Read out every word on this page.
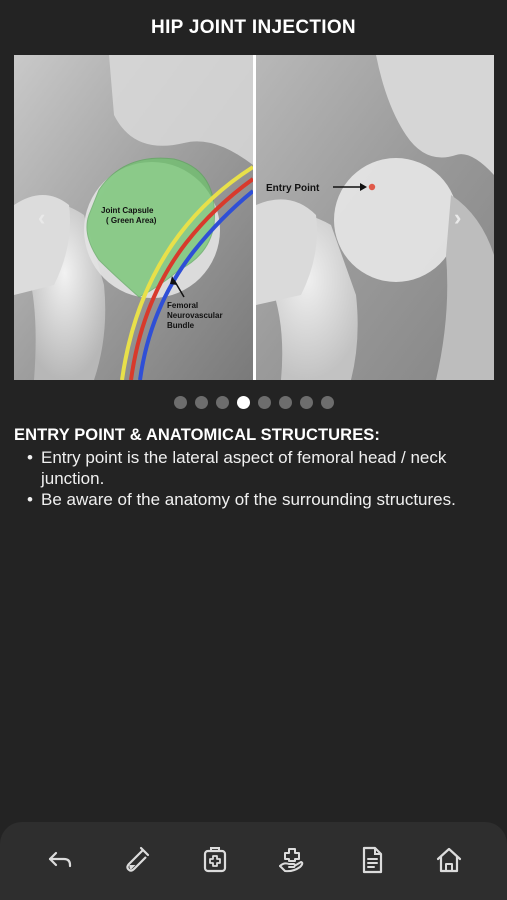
HIP JOINT INJECTION
Joint Capsule
( Green Area)
Femoral
Neurovascular
Bundle
Entry Point
‹	›
ENTRY POINT & ANATOMICAL STRUCTURES:
• Entry point is the lateral aspect of femoral head / neck junction.
• Be aware of the anatomy of the surrounding structures.
